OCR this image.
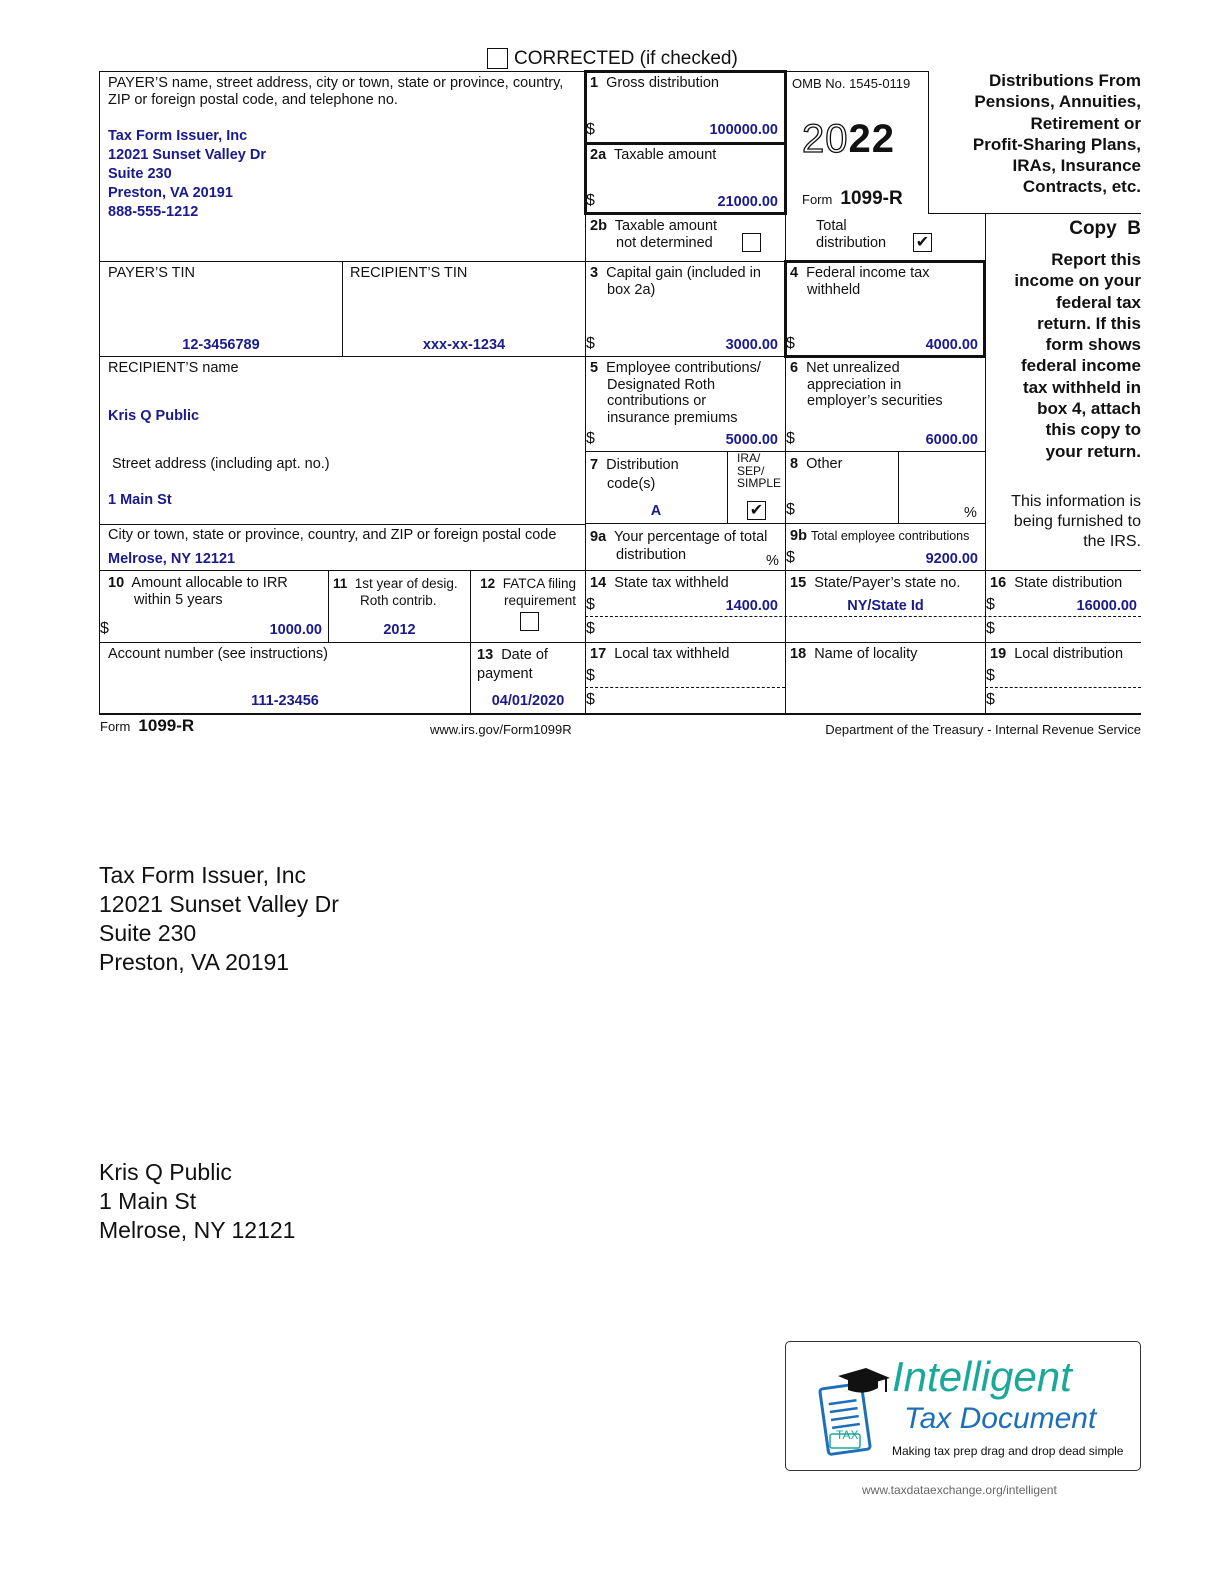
CORRECTED (if checked)
PAYER’S name, street address, city or town, state or province, country, ZIP or foreign postal code, and telephone no.
Tax Form Issuer, Inc
12021 Sunset Valley Dr
Suite 230
Preston, VA 20191
888-555-1212
1 Gross distribution
$	100000.00
2a Taxable amount
$	21000.00
OMB No. 1545-0119
2022
Form 1099-R
Distributions From
Pensions, Annuities,
Retirement or
Profit-Sharing Plans,
IRAs, Insurance
Contracts, etc.
2b Taxable amount
not determined
Total
distribution ✔
Copy  B
Report this
income on your
federal tax
return. If this
form shows
federal income
tax withheld in
box 4, attach
this copy to
your return.
This information is
being furnished to
the IRS.
PAYER’S TIN
12-3456789
RECIPIENT’S TIN
xxx-xx-1234
3 Capital gain (included in
box 2a)
$	3000.00
4 Federal income tax
withheld
$	4000.00
RECIPIENT’S name
Kris Q Public
Street address (including apt. no.)
1 Main St
City or town, state or province, country, and ZIP or foreign postal code
Melrose, NY 12121
5 Employee contributions/
Designated Roth
contributions or
insurance premiums
$	5000.00
6 Net unrealized
appreciation in
employer’s securities
$	6000.00
7 Distribution
code(s)
A
IRA/
SEP/
SIMPLE
✔
8 Other
$	%
9a Your percentage of total
distribution	%
9b Total employee contributions
$	9200.00
10 Amount allocable to IRR
within 5 years
$	1000.00
11 1st year of desig.
Roth contrib.
2012
12 FATCA filing
requirement
14 State tax withheld
$	1400.00
$
15 State/Payer’s state no.
NY/State Id
16 State distribution
$	16000.00
$
Account number (see instructions)
111-23456
13 Date of
payment
04/01/2020
17 Local tax withheld
$
$
18 Name of locality	19 Local distribution
$
$
Form 1099-R	www.irs.gov/Form1099R	Department of the Treasury - Internal Revenue Service
Tax Form Issuer, Inc
12021 Sunset Valley Dr
Suite 230
Preston, VA 20191
Kris Q Public
1 Main St
Melrose, NY 12121
TAX
Intelligent
Tax Document
Making tax prep drag and drop dead simple
www.taxdataexchange.org/intelligent
